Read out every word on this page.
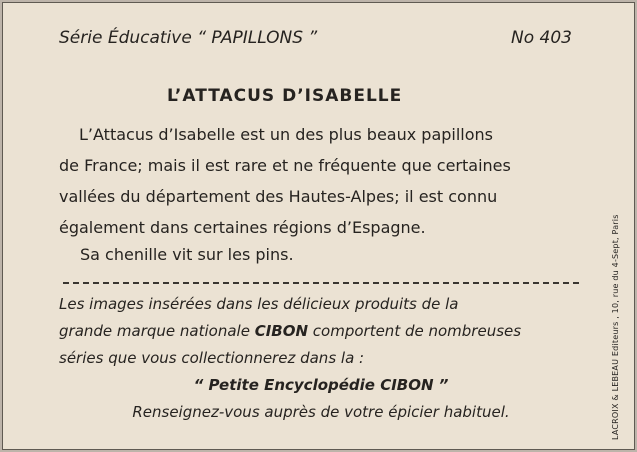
Série Éducative “ PAPILLONS ”	No 403
L’ATTACUS D’ISABELLE
L’Attacus d’Isabelle est un des plus beaux papillons
de France; mais il est rare et ne fréquente que certaines
vallées du département des Hautes-Alpes; il est connu
également dans certaines régions d’Espagne.
Sa chenille vit sur les pins.
Les images insérées dans les délicieux produits de la
grande marque nationale CIBON comportent de nombreuses
séries que vous collectionnerez dans la :
“ Petite Encyclopédie CIBON ”
Renseignez-vous auprès de votre épicier habituel.	LACROIX & LEBEAU Editeurs , 10, rue du 4-Sept, Paris
